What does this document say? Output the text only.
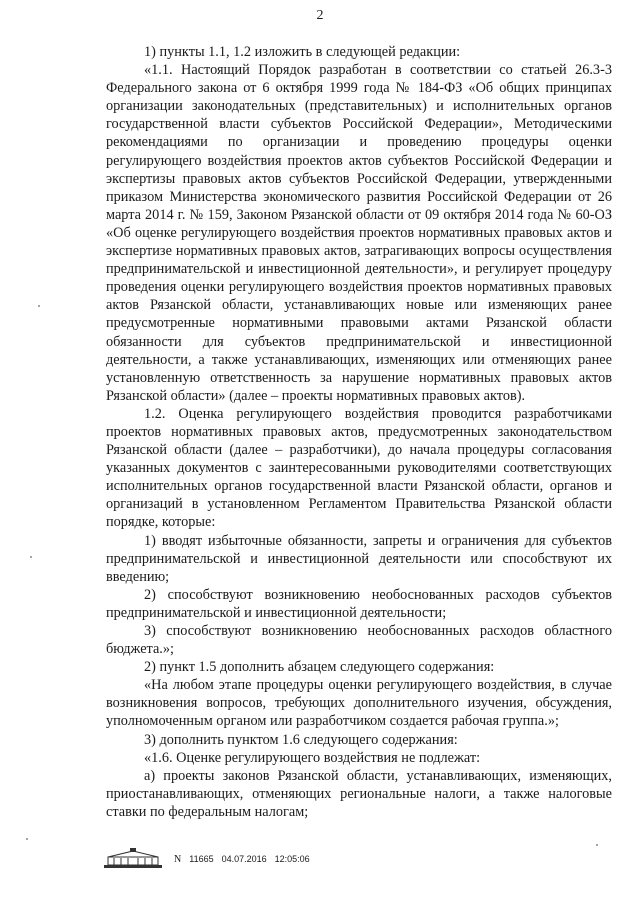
2

1) пункты 1.1, 1.2 изложить в следующей редакции:

«1.1. Настоящий Порядок разработан в соответствии со статьей 26.3-3 Федерального закона от 6 октября 1999 года № 184-ФЗ «Об общих принципах организации законодательных (представительных) и исполнительных органов государственной власти субъектов Российской Федерации», Методическими рекомендациями по организации и проведению процедуры оценки регулирующего воздействия проектов актов субъектов Российской Федерации и экспертизы правовых актов субъектов Российской Федерации, утвержденными приказом Министерства экономического развития Российской Федерации от 26 марта 2014 г. № 159, Законом Рязанской области от 09 октября 2014 года № 60-ОЗ «Об оценке регулирующего воздействия проектов нормативных правовых актов и экспертизе нормативных правовых актов, затрагивающих вопросы осуществления предпринимательской и инвестиционной деятельности», и регулирует процедуру проведения оценки регулирующего воздействия проектов нормативных правовых актов Рязанской области, устанавливающих новые или изменяющих ранее предусмотренные нормативными правовыми актами Рязанской области обязанности для субъектов предпринимательской и инвестиционной деятельности, а также устанавливающих, изменяющих или отменяющих ранее установленную ответственность за нарушение нормативных правовых актов Рязанской области» (далее – проекты нормативных правовых актов).

1.2. Оценка регулирующего воздействия проводится разработчиками проектов нормативных правовых актов, предусмотренных законодательством Рязанской области (далее – разработчики), до начала процедуры согласования указанных документов с заинтересованными руководителями соответствующих исполнительных органов государственной власти Рязанской области, органов и организаций в установленном Регламентом Правительства Рязанской области порядке, которые:

1) вводят избыточные обязанности, запреты и ограничения для субъектов предпринимательской и инвестиционной деятельности или способствуют их введению;

2) способствуют возникновению необоснованных расходов субъектов предпринимательской и инвестиционной деятельности;

3) способствуют возникновению необоснованных расходов областного бюджета.»;

2) пункт 1.5 дополнить абзацем следующего содержания:

«На любом этапе процедуры оценки регулирующего воздействия, в случае возникновения вопросов, требующих дополнительного изучения, обсуждения, уполномоченным органом или разработчиком создается рабочая группа.»;

3) дополнить пунктом 1.6 следующего содержания:

«1.6. Оценке регулирующего воздействия не подлежат:

а) проекты законов Рязанской области, устанавливающих, изменяющих, приостанавливающих, отменяющих региональные налоги, а также налоговые ставки по федеральным налогам;

N 11665 04.07.2016 12:05:06
